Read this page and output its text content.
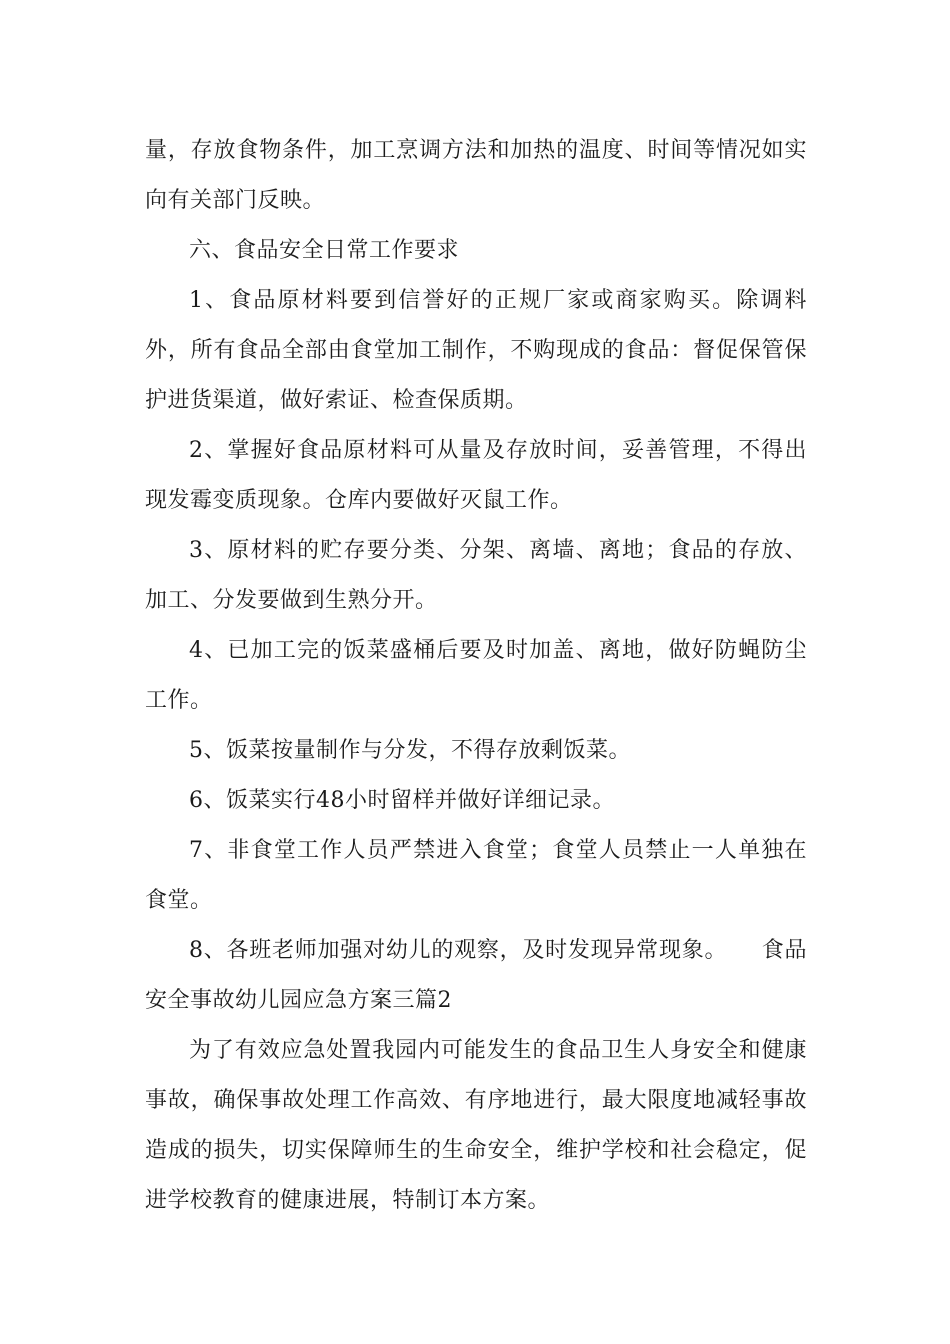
量，存放食物条件，加工烹调方法和加热的温度、时间等情况如实向有关部门反映。

六、食品安全日常工作要求

1、食品原材料要到信誉好的正规厂家或商家购买。除调料外，所有食品全部由食堂加工制作，不购现成的食品：督促保管保护进货渠道，做好索证、检查保质期。

2、掌握好食品原材料可从量及存放时间，妥善管理，不得出现发霉变质现象。仓库内要做好灭鼠工作。

3、原材料的贮存要分类、分架、离墙、离地；食品的存放、加工、分发要做到生熟分开。

4、已加工完的饭菜盛桶后要及时加盖、离地，做好防蝇防尘工作。

5、饭菜按量制作与分发，不得存放剩饭菜。

6、饭菜实行48小时留样并做好详细记录。

7、非食堂工作人员严禁进入食堂；食堂人员禁止一人单独在食堂。

8、各班老师加强对幼儿的观察，及时发现异常现象。　　食品安全事故幼儿园应急方案三篇2

为了有效应急处置我园内可能发生的食品卫生人身安全和健康事故，确保事故处理工作高效、有序地进行，最大限度地减轻事故造成的损失，切实保障师生的生命安全，维护学校和社会稳定，促进学校教育的健康进展，特制订本方案。
